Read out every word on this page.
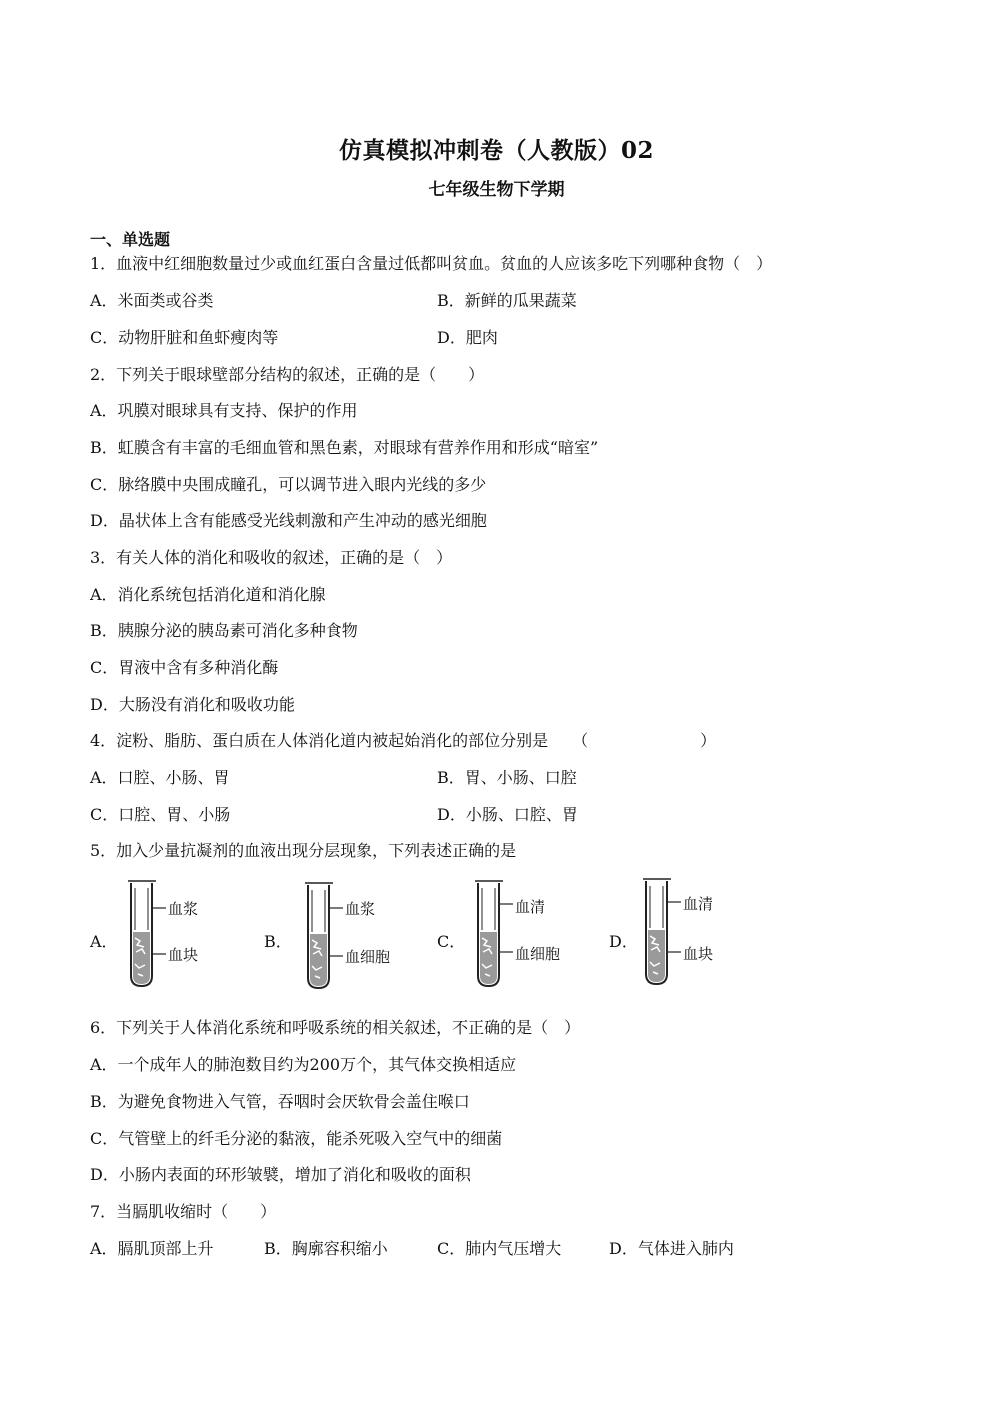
仿真模拟冲刺卷（人教版）02
七年级生物下学期
一、单选题
1．血液中红细胞数量过少或血红蛋白含量过低都叫贫血。贫血的人应该多吃下列哪种食物（　）
A．米面类或谷类	B．新鲜的瓜果蔬菜
C．动物肝脏和鱼虾瘦肉等	D．肥肉
2．下列关于眼球壁部分结构的叙述，正确的是（　　）
A．巩膜对眼球具有支持、保护的作用
B．虹膜含有丰富的毛细血管和黑色素，对眼球有营养作用和形成“暗室”
C．脉络膜中央围成瞳孔，可以调节进入眼内光线的多少
D．晶状体上含有能感受光线刺激和产生冲动的感光细胞
3．有关人体的消化和吸收的叙述，正确的是（　）
A．消化系统包括消化道和消化腺
B．胰腺分泌的胰岛素可消化多种食物
C．胃液中含有多种消化酶
D．大肠没有消化和吸收功能
4．淀粉、脂肪、蛋白质在人体消化道内被起始消化的部位分别是　　（　　　　　　　）
A．口腔、小肠、胃	B．胃、小肠、口腔
C．口腔、胃、小肠	D．小肠、口腔、胃
5．加入少量抗凝剂的血液出现分层现象，下列表述正确的是
A．
血浆
血块
B．
血浆
血细胞
C．
血清
血细胞
D．
血清
血块
6．下列关于人体消化系统和呼吸系统的相关叙述，不正确的是（　）
A．一个成年人的肺泡数目约为200万个，其气体交换相适应
B．为避免食物进入气管，吞咽时会厌软骨会盖住喉口
C．气管壁上的纤毛分泌的黏液，能杀死吸入空气中的细菌
D．小肠内表面的环形皱襞，增加了消化和吸收的面积
7．当膈肌收缩时（　　）
A．膈肌顶部上升	B．胸廓容积缩小	C．肺内气压增大	D．气体进入肺内
